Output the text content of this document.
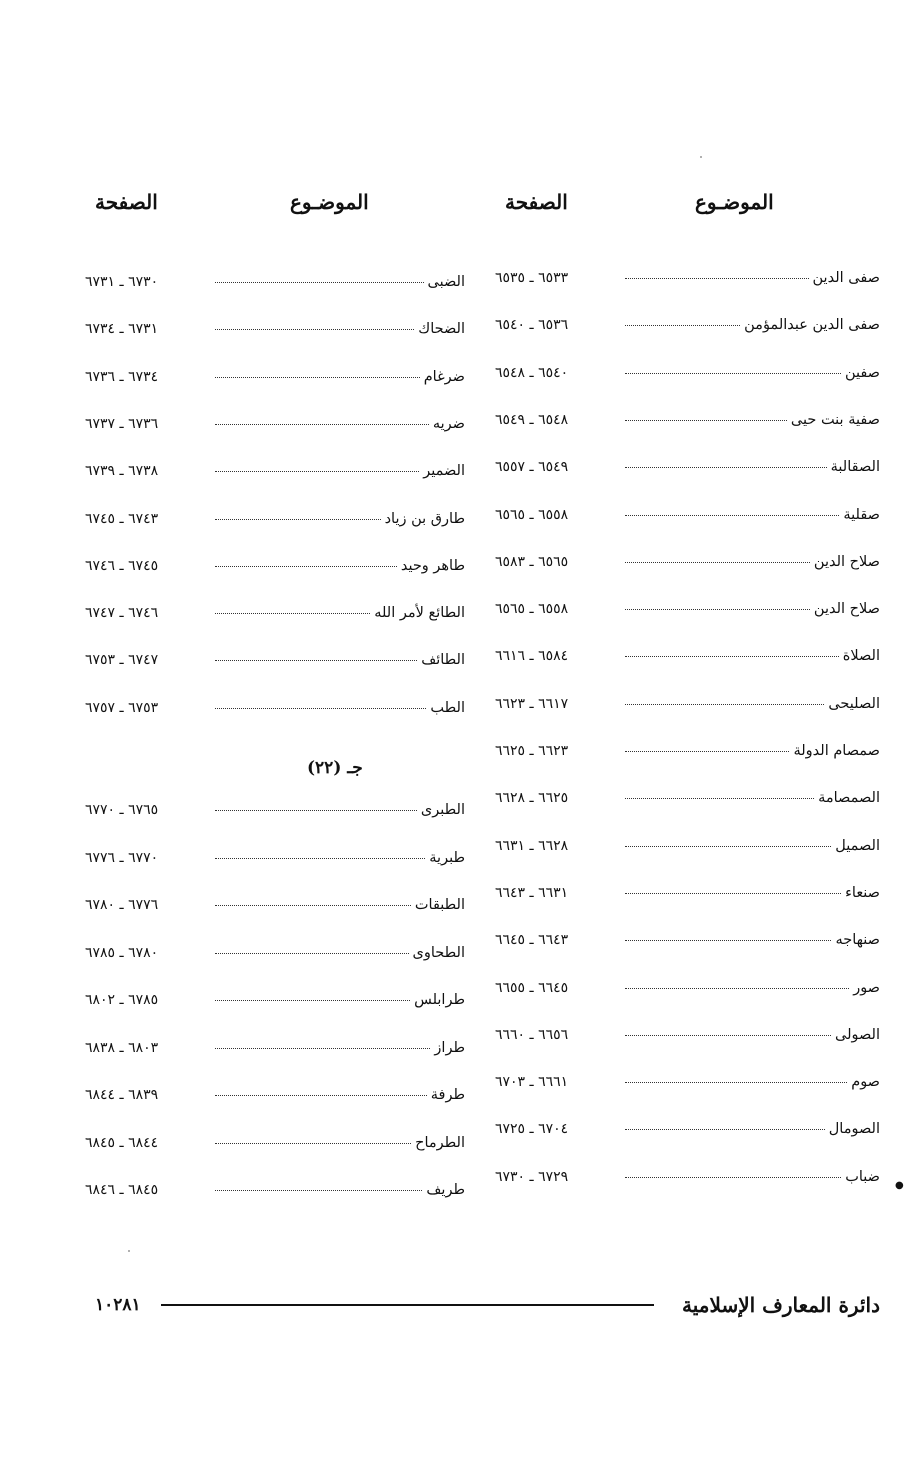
الموضـوع
الصفحة
صفى الدين
٦٥٣٣ ـ ٦٥٣٥
صفى الدين عبدالمؤمن
٦٥٣٦ ـ ٦٥٤٠
صفين
٦٥٤٠ ـ ٦٥٤٨
صفية بنت حيى
٦٥٤٨ ـ ٦٥٤٩
الصقالبة
٦٥٤٩ ـ ٦٥٥٧
صقلية
٦٥٥٨ ـ ٦٥٦٥
صلاح الدين
٦٥٦٥ ـ ٦٥٨٣
صلاح الدين
٦٥٥٨ ـ ٦٥٦٥
الصلاة
٦٥٨٤ ـ ٦٦١٦
الصليحى
٦٦١٧ ـ ٦٦٢٣
صمصام الدولة
٦٦٢٣ ـ ٦٦٢٥
الصمصامة
٦٦٢٥ ـ ٦٦٢٨
الصميل
٦٦٢٨ ـ ٦٦٣١
صنعاء
٦٦٣١ ـ ٦٦٤٣
صنهاجه
٦٦٤٣ ـ ٦٦٤٥
صور
٦٦٤٥ ـ ٦٦٥٥
الصولى
٦٦٥٦ ـ ٦٦٦٠
صوم
٦٦٦١ ـ ٦٧٠٣
الصومال
٦٧٠٤ ـ ٦٧٢٥
ضباب
٦٧٢٩ ـ ٦٧٣٠
الموضـوع
الصفحة
الضبى
٦٧٣٠ ـ ٦٧٣١
الضحاك
٦٧٣١ ـ ٦٧٣٤
ضرغام
٦٧٣٤ ـ ٦٧٣٦
ضريه
٦٧٣٦ ـ ٦٧٣٧
الضمير
٦٧٣٨ ـ ٦٧٣٩
طارق بن زياد
٦٧٤٣ ـ ٦٧٤٥
طاهر وحيد
٦٧٤٥ ـ ٦٧٤٦
الطائع لأمر الله
٦٧٤٦ ـ ٦٧٤٧
الطائف
٦٧٤٧ ـ ٦٧٥٣
الطب
٦٧٥٣ ـ ٦٧٥٧
جـ (٢٢)
الطبرى
٦٧٦٥ ـ ٦٧٧٠
طبرية
٦٧٧٠ ـ ٦٧٧٦
الطبقات
٦٧٧٦ ـ ٦٧٨٠
الطحاوى
٦٧٨٠ ـ ٦٧٨٥
طرابلس
٦٧٨٥ ـ ٦٨٠٢
طراز
٦٨٠٣ ـ ٦٨٣٨
طرفة
٦٨٣٩ ـ ٦٨٤٤
الطرماح
٦٨٤٤ ـ ٦٨٤٥
طريف
٦٨٤٥ ـ ٦٨٤٦	●
دائرة المعارف الإسلامية
١٠٢٨١
